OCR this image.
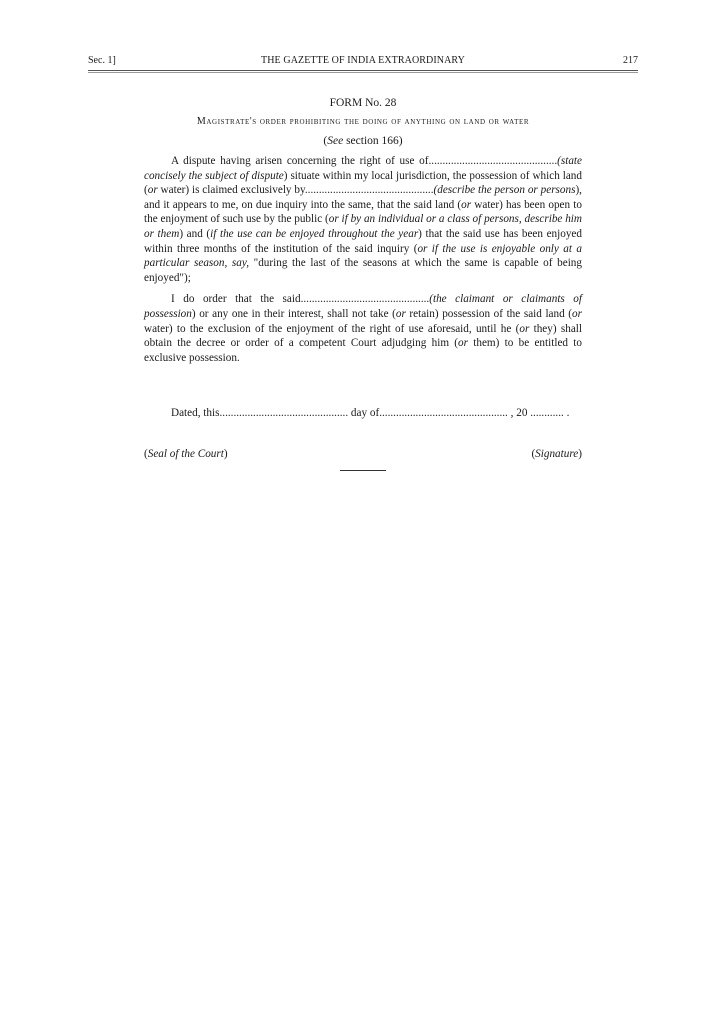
Sec. 1]	THE GAZETTE OF INDIA EXTRAORDINARY	217
FORM No. 28
Magistrate's order prohibiting the doing of anything on land or water
(See section 166)

A dispute having arisen concerning the right of use of..............................................(state concisely the subject of dispute) situate within my local jurisdiction, the possession of which land (or water) is claimed exclusively by..............................................(describe the person or persons), and it appears to me, on due inquiry into the same, that the said land (or water) has been open to the enjoyment of such use by the public (or if by an individual or a class of persons, describe him or them) and (if the use can be enjoyed throughout the year) that the said use has been enjoyed within three months of the institution of the said inquiry (or if the use is enjoyable only at a particular season, say, "during the last of the seasons at which the same is capable of being enjoyed");

I do order that the said..............................................(the claimant or claimants of possession) or any one in their interest, shall not take (or retain) possession of the said land (or water) to the exclusion of the enjoyment of the right of use aforesaid, until he (or they) shall obtain the decree or order of a competent Court adjudging him (or them) to be entitled to exclusive possession.

Dated, this.............................................. day of.............................................. , 20 ............ .
(Seal of the Court)	(Signature)
